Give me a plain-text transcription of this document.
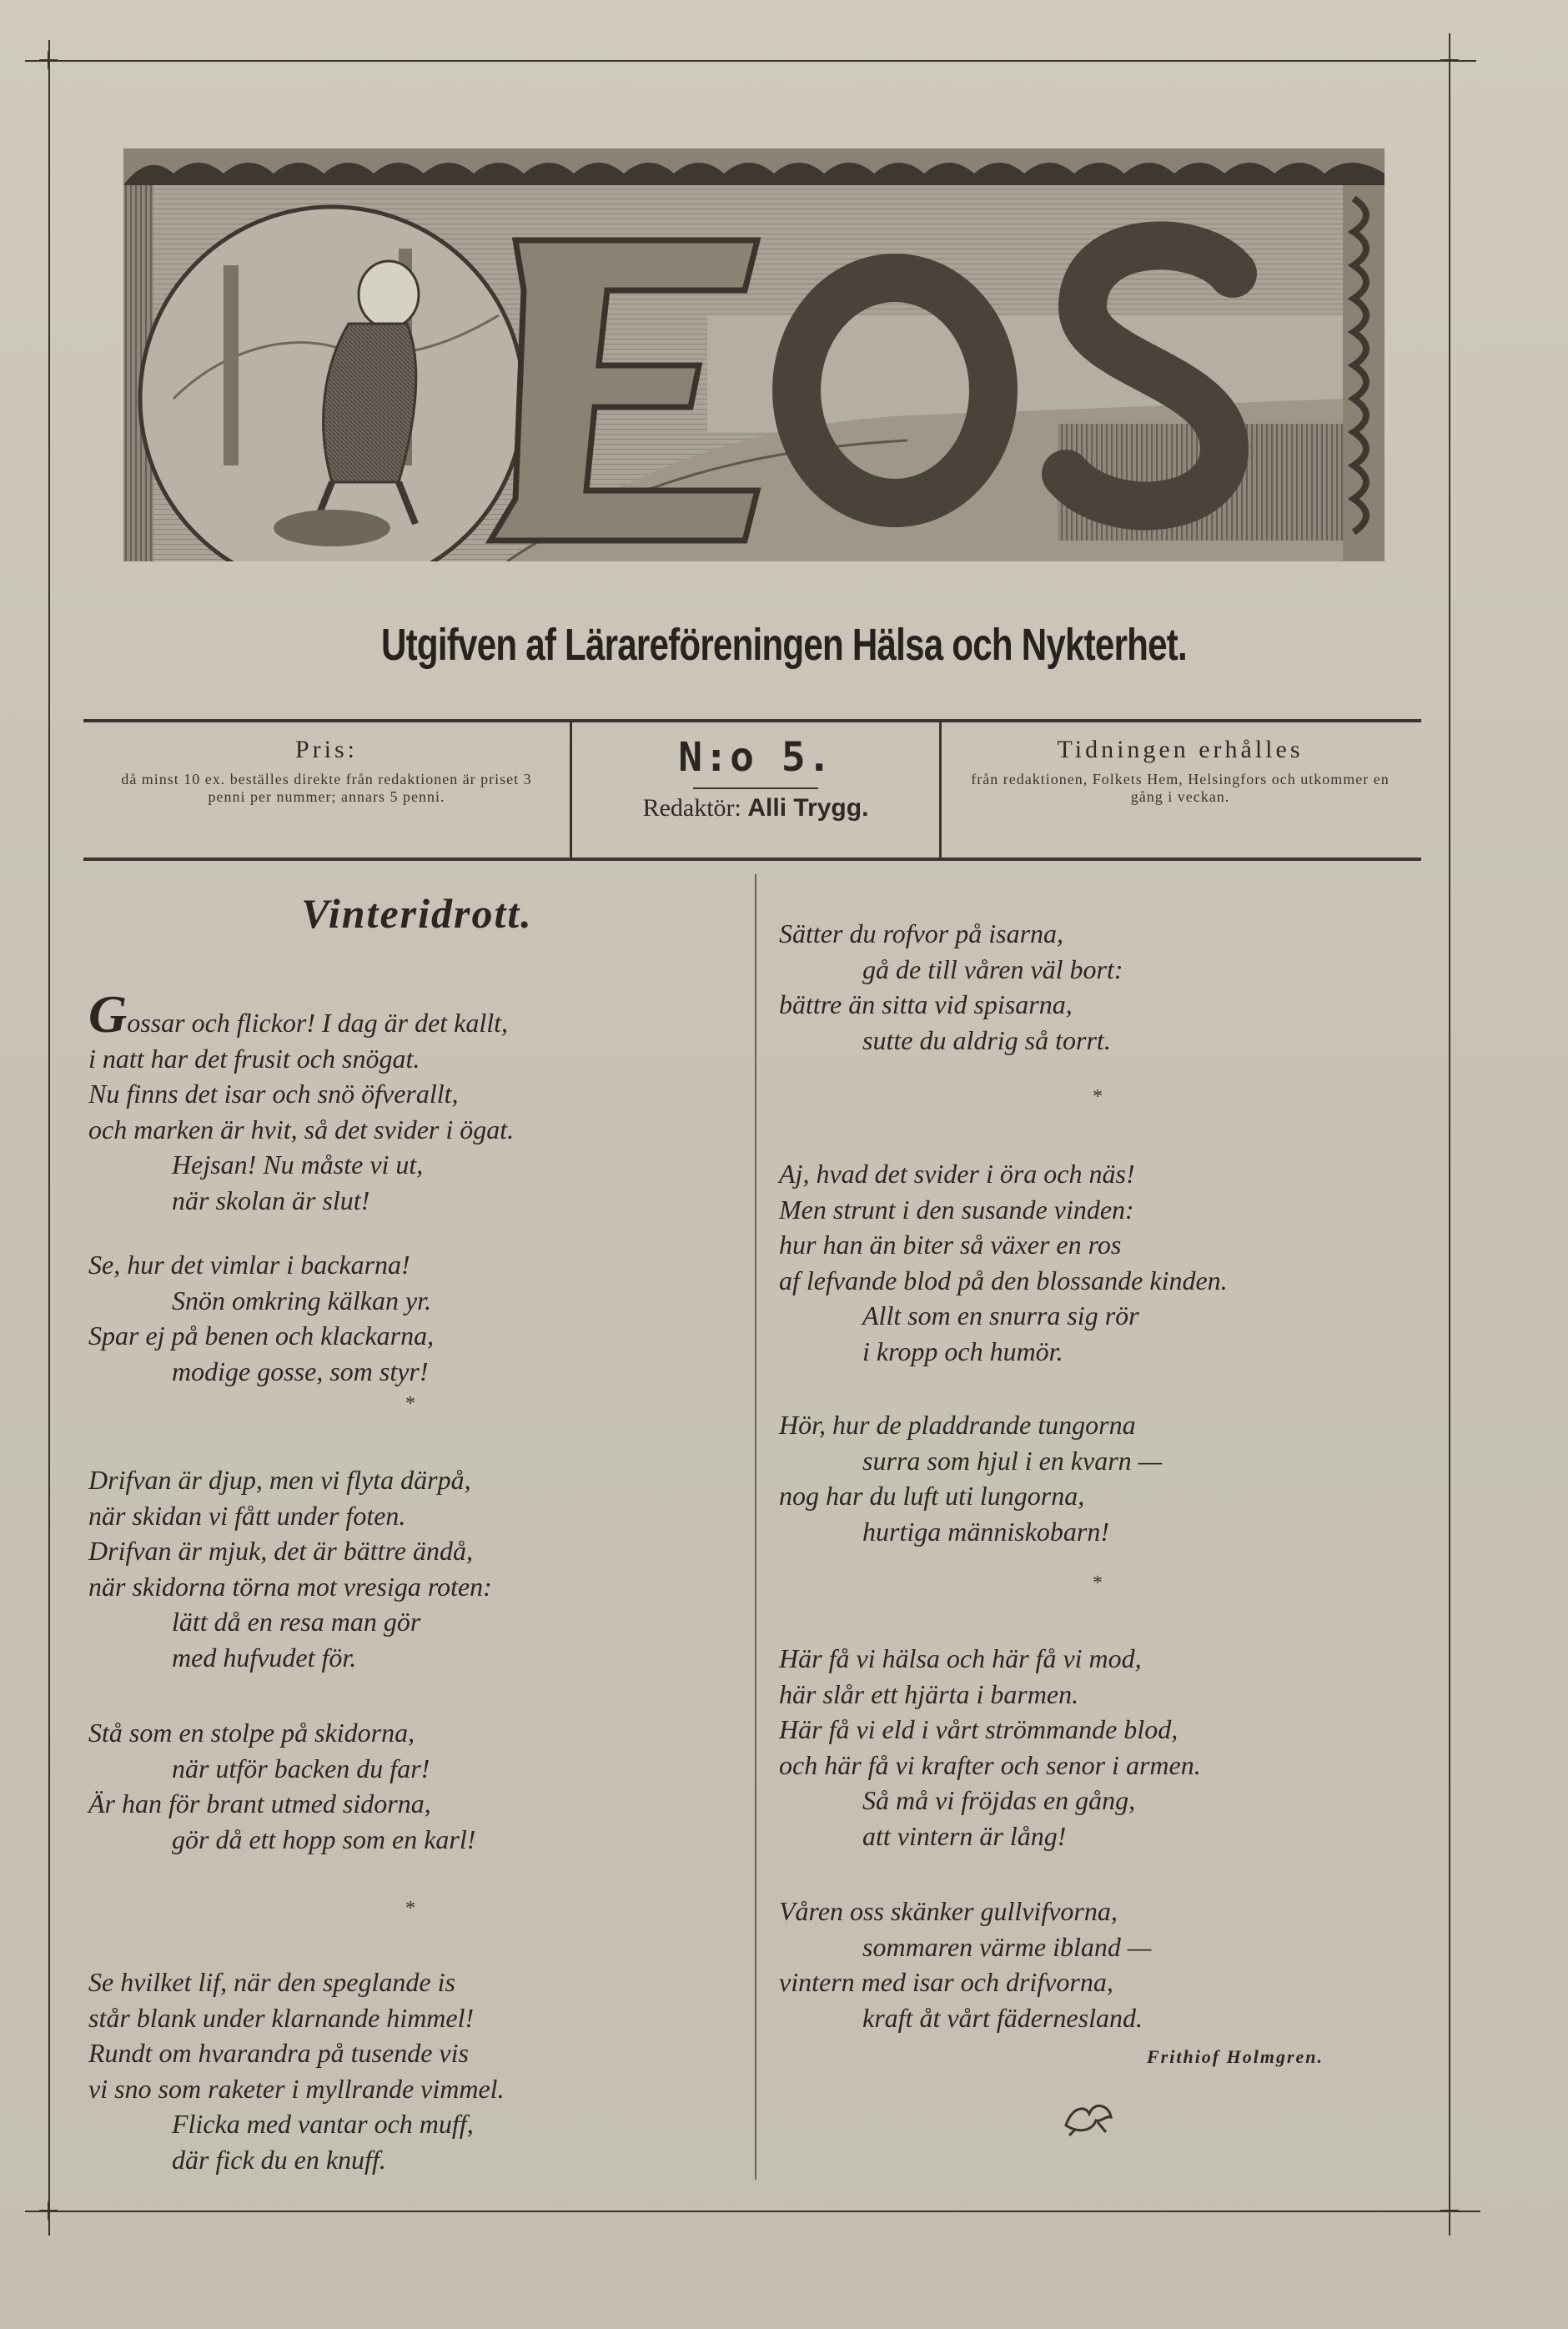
Utgifven af Lärareföreningen Hälsa och Nykterhet.
Pris:
då minst 10 ex. beställes direkte från redaktionen är priset 3 penni per nummer; annars 5 penni.
N:o 5.
Redaktör: Alli Trygg.
Tidningen erhålles
från redaktionen, Folkets Hem, Helsingfors och utkommer en gång i veckan.
Vinteridrott.
Gossar och flickor! I dag är det kallt,
i natt har det frusit och snögat.
Nu finns det isar och snö öfverallt,
och marken är hvit, så det svider i ögat.
Hejsan! Nu måste vi ut,
när skolan är slut!
Se, hur det vimlar i backarna!
Snön omkring kälkan yr.
Spar ej på benen och klackarna,
modige gosse, som styr!
Drifvan är djup, men vi flyta därpå,
när skidan vi fått under foten.
Drifvan är mjuk, det är bättre ändå,
när skidorna törna mot vresiga roten:
lätt då en resa man gör
med hufvudet för.
Stå som en stolpe på skidorna,
när utför backen du far!
Är han för brant utmed sidorna,
gör då ett hopp som en karl!
Se hvilket lif, när den speglande is
står blank under klarnande himmel!
Rundt om hvarandra på tusende vis
vi sno som raketer i myllrande vimmel.
Flicka med vantar och muff,
där fick du en knuff.
Sätter du rofvor på isarna,
gå de till våren väl bort:
bättre än sitta vid spisarna,
sutte du aldrig så torrt.
Aj, hvad det svider i öra och näs!
Men strunt i den susande vinden:
hur han än biter så växer en ros
af lefvande blod på den blossande kinden.
Allt som en snurra sig rör
i kropp och humör.
Hör, hur de pladdrande tungorna
surra som hjul i en kvarn —
nog har du luft uti lungorna,
hurtiga människobarn!
Här få vi hälsa och här få vi mod,
här slår ett hjärta i barmen.
Här få vi eld i vårt strömmande blod,
och här få vi krafter och senor i armen.
Så må vi fröjdas en gång,
att vintern är lång!
Våren oss skänker gullvifvorna,
sommaren värme ibland —
vintern med isar och drifvorna,
kraft åt vårt fädernesland.
*
*
*
*
Frithiof Holmgren.
